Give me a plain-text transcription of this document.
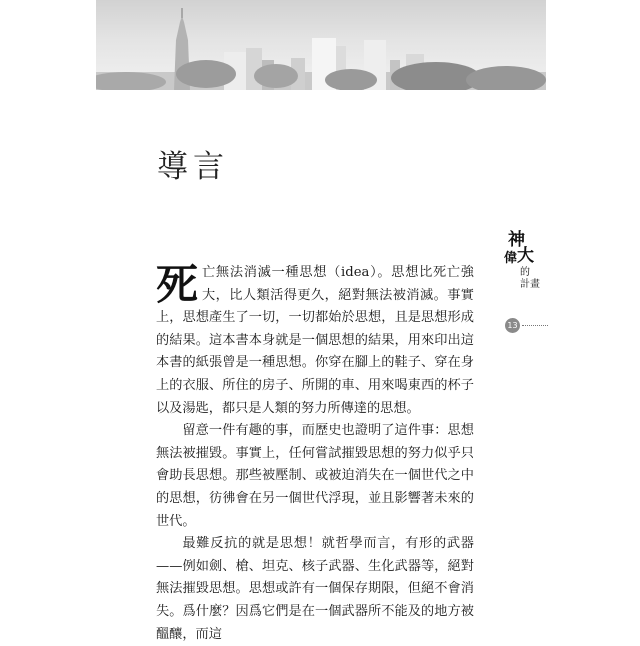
導言
神
偉 大
的
計畫
13

死亡無法消滅一種思想（idea）。思想比死亡強大，比人類活得更久，絕對無法被消滅。事實上，思想產生了一切，一切都始於思想，且是思想形成的結果。這本書本身就是一個思想的結果，用來印出這本書的紙張曾是一種思想。你穿在腳上的鞋子、穿在身上的衣服、所住的房子、所開的車、用來喝東西的杯子以及湯匙，都只是人類的努力所傳達的思想。

留意一件有趣的事，而歷史也證明了這件事：思想無法被摧毀。事實上，任何嘗試摧毀思想的努力似乎只會助長思想。那些被壓制、或被迫消失在一個世代之中的思想，彷彿會在另一個世代浮現，並且影響著未來的世代。

最難反抗的就是思想！就哲學而言，有形的武器——例如劍、槍、坦克、核子武器、生化武器等，絕對無法摧毀思想。思想或許有一個保存期限，但絕不會消失。爲什麼？因爲它們是在一個武器所不能及的地方被醞釀，而這
